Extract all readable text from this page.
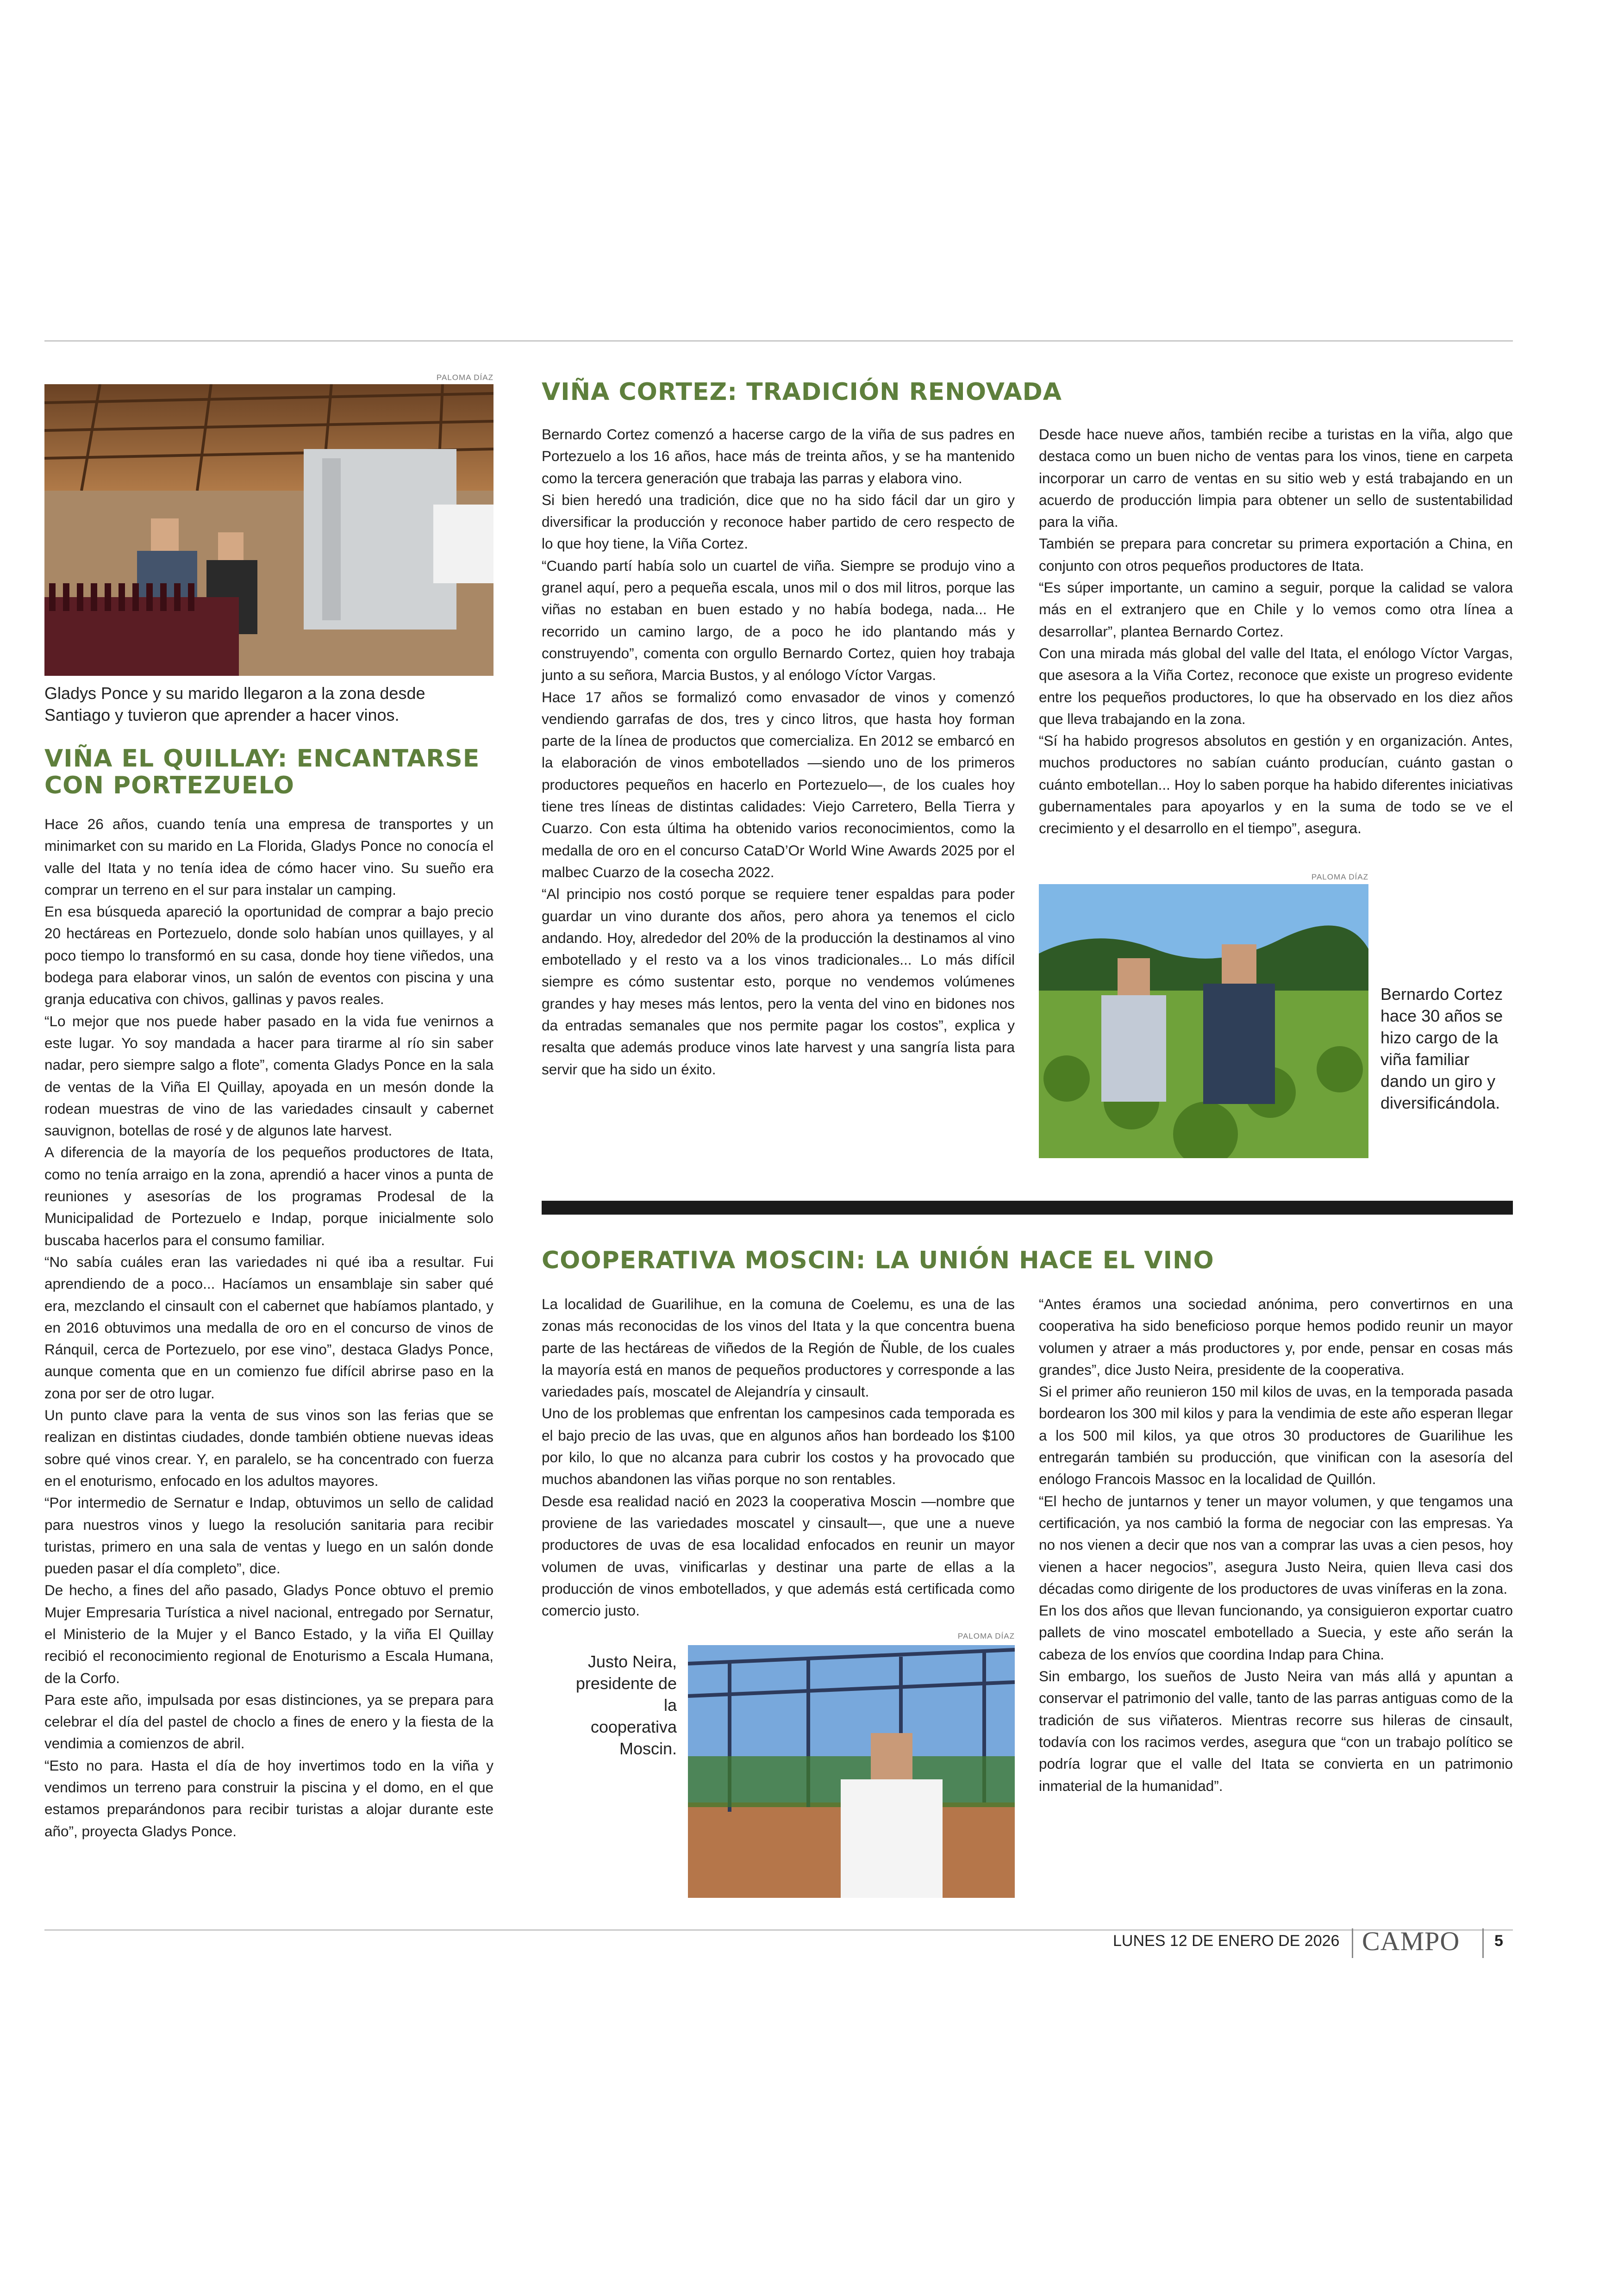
PALOMA DÍAZ

Gladys Ponce y su marido llegaron a la zona desde Santiago y tuvieron que aprender a hacer vinos.

VIÑA EL QUILLAY: ENCANTARSE CON PORTEZUELO

Hace 26 años, cuando tenía una empresa de transportes y un minimarket con su marido en La Florida, Gladys Ponce no conocía el valle del Itata y no tenía idea de cómo hacer vino. Su sueño era comprar un terreno en el sur para instalar un camping.

En esa búsqueda apareció la oportunidad de comprar a bajo precio 20 hectáreas en Portezuelo, donde solo habían unos quillayes, y al poco tiempo lo transformó en su casa, donde hoy tiene viñedos, una bodega para elaborar vinos, un salón de eventos con piscina y una granja educativa con chivos, gallinas y pavos reales.

“Lo mejor que nos puede haber pasado en la vida fue venirnos a este lugar. Yo soy mandada a hacer para tirarme al río sin saber nadar, pero siempre salgo a flote”, comenta Gladys Ponce en la sala de ventas de la Viña El Quillay, apoyada en un mesón donde la rodean muestras de vino de las variedades cinsault y cabernet sauvignon, botellas de rosé y de algunos late harvest.

A diferencia de la mayoría de los pequeños productores de Itata, como no tenía arraigo en la zona, aprendió a hacer vinos a punta de reuniones y asesorías de los programas Prodesal de la Municipalidad de Portezuelo e Indap, porque inicialmente solo buscaba hacerlos para el consumo familiar.

“No sabía cuáles eran las variedades ni qué iba a resultar. Fui aprendiendo de a poco... Hacíamos un ensamblaje sin saber qué era, mezclando el cinsault con el cabernet que habíamos plantado, y en 2016 obtuvimos una medalla de oro en el concurso de vinos de Ránquil, cerca de Portezuelo, por ese vino”, destaca Gladys Ponce, aunque comenta que en un comienzo fue difícil abrirse paso en la zona por ser de otro lugar.

Un punto clave para la venta de sus vinos son las ferias que se realizan en distintas ciudades, donde también obtiene nuevas ideas sobre qué vinos crear. Y, en paralelo, se ha concentrado con fuerza en el enoturismo, enfocado en los adultos mayores.

“Por intermedio de Sernatur e Indap, obtuvimos un sello de calidad para nuestros vinos y luego la resolución sanitaria para recibir turistas, primero en una sala de ventas y luego en un salón donde pueden pasar el día completo”, dice.

De hecho, a fines del año pasado, Gladys Ponce obtuvo el premio Mujer Empresaria Turística a nivel nacional, entregado por Sernatur, el Ministerio de la Mujer y el Banco Estado, y la viña El Quillay recibió el reconocimiento regional de Enoturismo a Escala Humana, de la Corfo.

Para este año, impulsada por esas distinciones, ya se prepara para celebrar el día del pastel de choclo a fines de enero y la fiesta de la vendimia a comienzos de abril.

“Esto no para. Hasta el día de hoy invertimos todo en la viña y vendimos un terreno para construir la piscina y el domo, en el que estamos preparándonos para recibir turistas a alojar durante este año”, proyecta Gladys Ponce.

VIÑA CORTEZ: TRADICIÓN RENOVADA

Bernardo Cortez comenzó a hacerse cargo de la viña de sus padres en Portezuelo a los 16 años, hace más de treinta años, y se ha mantenido como la tercera generación que trabaja las parras y elabora vino.

Si bien heredó una tradición, dice que no ha sido fácil dar un giro y diversificar la producción y reconoce haber partido de cero respecto de lo que hoy tiene, la Viña Cortez.

“Cuando partí había solo un cuartel de viña. Siempre se produjo vino a granel aquí, pero a pequeña escala, unos mil o dos mil litros, porque las viñas no estaban en buen estado y no había bodega, nada... He recorrido un camino largo, de a poco he ido plantando más y construyendo”, comenta con orgullo Bernardo Cortez, quien hoy trabaja junto a su señora, Marcia Bustos, y al enólogo Víctor Vargas.

Hace 17 años se formalizó como envasador de vinos y comenzó vendiendo garrafas de dos, tres y cinco litros, que hasta hoy forman parte de la línea de productos que comercializa. En 2012 se embarcó en la elaboración de vinos embotellados —siendo uno de los primeros productores pequeños en hacerlo en Portezuelo—, de los cuales hoy tiene tres líneas de distintas calidades: Viejo Carretero, Bella Tierra y Cuarzo. Con esta última ha obtenido varios reconocimientos, como la medalla de oro en el concurso CataD’Or World Wine Awards 2025 por el malbec Cuarzo de la cosecha 2022.

“Al principio nos costó porque se requiere tener espaldas para poder guardar un vino durante dos años, pero ahora ya tenemos el ciclo andando. Hoy, alrededor del 20% de la producción la destinamos al vino embotellado y el resto va a los vinos tradicionales... Lo más difícil siempre es cómo sustentar esto, porque no vendemos volúmenes grandes y hay meses más lentos, pero la venta del vino en bidones nos da entradas semanales que nos permite pagar los costos”, explica y resalta que además produce vinos late harvest y una sangría lista para servir que ha sido un éxito.

Desde hace nueve años, también recibe a turistas en la viña, algo que destaca como un buen nicho de ventas para los vinos, tiene en carpeta incorporar un carro de ventas en su sitio web y está trabajando en un acuerdo de producción limpia para obtener un sello de sustentabilidad para la viña.

También se prepara para concretar su primera exportación a China, en conjunto con otros pequeños productores de Itata.

“Es súper importante, un camino a seguir, porque la calidad se valora más en el extranjero que en Chile y lo vemos como otra línea a desarrollar”, plantea Bernardo Cortez.

Con una mirada más global del valle del Itata, el enólogo Víctor Vargas, que asesora a la Viña Cortez, reconoce que existe un progreso evidente entre los pequeños productores, lo que ha observado en los diez años que lleva trabajando en la zona.

“Sí ha habido progresos absolutos en gestión y en organización. Antes, muchos productores no sabían cuánto producían, cuánto gastan o cuánto embotellan... Hoy lo saben porque ha habido diferentes iniciativas gubernamentales para apoyarlos y en la suma de todo se ve el crecimiento y el desarrollo en el tiempo”, asegura.

PALOMA DÍAZ

Bernardo Cortez hace 30 años se hizo cargo de la viña familiar dando un giro y diversificándola.

COOPERATIVA MOSCIN: LA UNIÓN HACE EL VINO

La localidad de Guarilihue, en la comuna de Coelemu, es una de las zonas más reconocidas de los vinos del Itata y la que concentra buena parte de las hectáreas de viñedos de la Región de Ñuble, de los cuales la mayoría está en manos de pequeños productores y corresponde a las variedades país, moscatel de Alejandría y cinsault.

Uno de los problemas que enfrentan los campesinos cada temporada es el bajo precio de las uvas, que en algunos años han bordeado los $100 por kilo, lo que no alcanza para cubrir los costos y ha provocado que muchos abandonen las viñas porque no son rentables.

Desde esa realidad nació en 2023 la cooperativa Moscin —nombre que proviene de las variedades moscatel y cinsault—, que une a nueve productores de uvas de esa localidad enfocados en reunir un mayor volumen de uvas, vinificarlas y destinar una parte de ellas a la producción de vinos embotellados, y que además está certificada como comercio justo.

Justo Neira, presidente de la cooperativa Moscin.

PALOMA DÍAZ

“Antes éramos una sociedad anónima, pero convertirnos en una cooperativa ha sido beneficioso porque hemos podido reunir un mayor volumen y atraer a más productores y, por ende, pensar en cosas más grandes”, dice Justo Neira, presidente de la cooperativa.

Si el primer año reunieron 150 mil kilos de uvas, en la temporada pasada bordearon los 300 mil kilos y para la vendimia de este año esperan llegar a los 500 mil kilos, ya que otros 30 productores de Guarilihue les entregarán también su producción, que vinifican con la asesoría del enólogo Francois Massoc en la localidad de Quillón.

“El hecho de juntarnos y tener un mayor volumen, y que tengamos una certificación, ya nos cambió la forma de negociar con las empresas. Ya no nos vienen a decir que nos van a comprar las uvas a cien pesos, hoy vienen a hacer negocios”, asegura Justo Neira, quien lleva casi dos décadas como dirigente de los productores de uvas viníferas en la zona.

En los dos años que llevan funcionando, ya consiguieron exportar cuatro pallets de vino moscatel embotellado a Suecia, y este año serán la cabeza de los envíos que coordina Indap para China.

Sin embargo, los sueños de Justo Neira van más allá y apuntan a conservar el patrimonio del valle, tanto de las parras antiguas como de la tradición de sus viñateros. Mientras recorre sus hileras de cinsault, todavía con los racimos verdes, asegura que “con un trabajo político se podría lograr que el valle del Itata se convierta en un patrimonio inmaterial de la humanidad”.

LUNES 12 DE ENERO DE 2026 CAMPO 5
